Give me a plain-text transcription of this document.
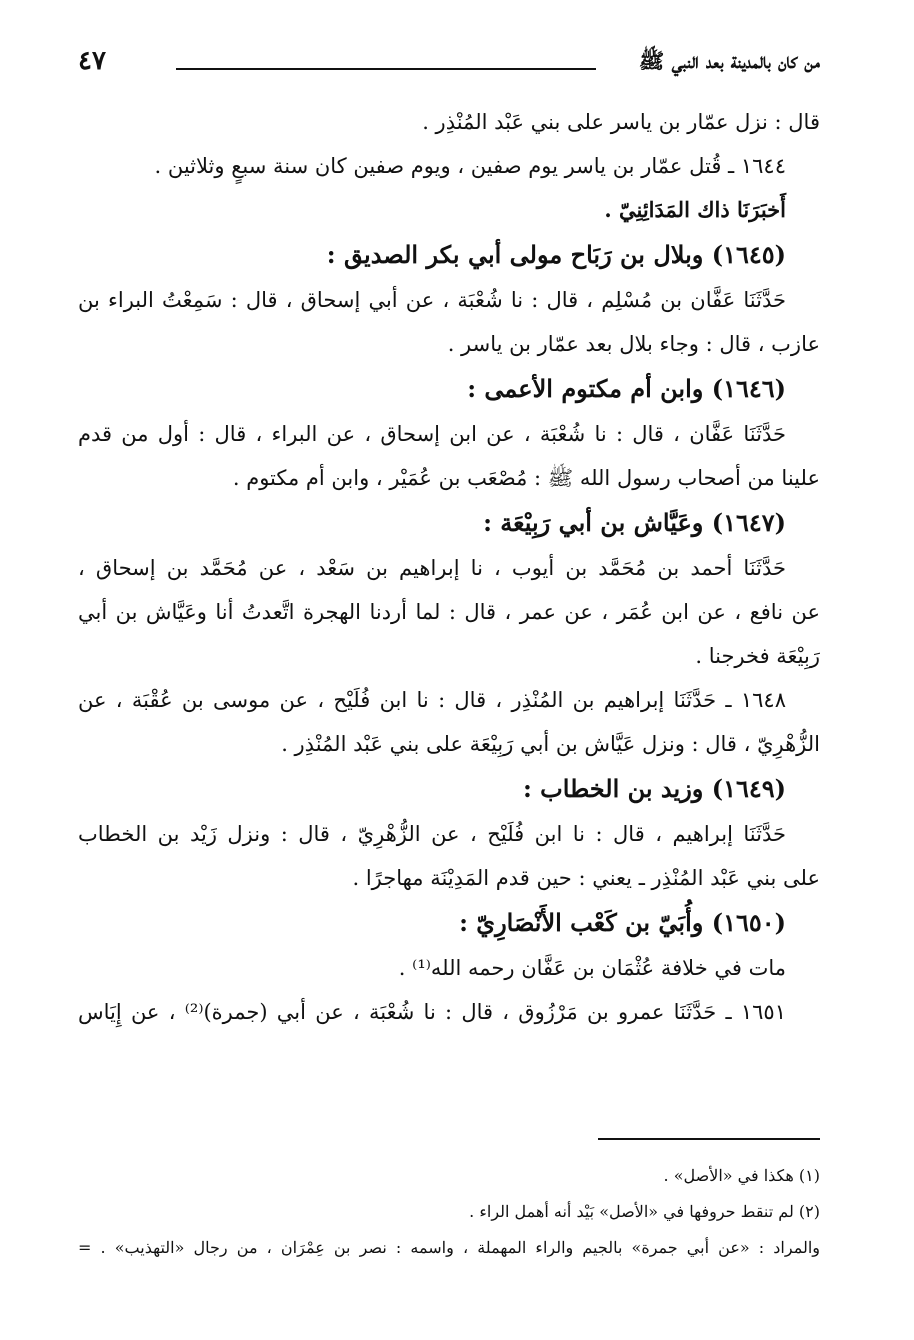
٤٧	من كان بالمدينة بعد النبي ﷺ
قال : نزل عمّار بن ياسر على بني عَبْد المُنْذِر .
١٦٤٤ ـ قُتل عمّار بن ياسر يوم صفين ، ويوم صفين كان سنة سبعٍ وثلاثين .
أَخبَرَنَا ذاك المَدَائِنِيّ .
(١٦٤٥) وبلال بن رَبَاح مولى أبي بكر الصديق :
حَدَّثَنَا عَفَّان بن مُسْلِم ، قال : نا شُعْبَة ، عن أبي إسحاق ، قال : سَمِعْتُ البراء بن
عازب ، قال : وجاء بلال بعد عمّار بن ياسر .
(١٦٤٦) وابن أم مكتوم الأعمى :
حَدَّثَنَا عَفَّان ، قال : نا شُعْبَة ، عن ابن إسحاق ، عن البراء ، قال : أول من قدم
علينا من أصحاب رسول الله ﷺ : مُصْعَب بن عُمَيْر ، وابن أم مكتوم .
(١٦٤٧) وعَيَّاش بن أبي رَبِيْعَة :
حَدَّثَنَا أحمد بن مُحَمَّد بن أيوب ، نا إبراهيم بن سَعْد ، عن مُحَمَّد بن إسحاق ،
عن نافع ، عن ابن عُمَر ، عن عمر ، قال : لما أردنا الهجرة اتَّعدتُ أنا وعَيَّاش بن أبي
رَبِيْعَة فخرجنا .
١٦٤٨ ـ حَدَّثَنَا إبراهيم بن المُنْذِر ، قال : نا ابن فُلَيْح ، عن موسى بن عُقْبَة ، عن
الزُّهْرِيّ ، قال : ونزل عَيَّاش بن أبي رَبِيْعَة على بني عَبْد المُنْذِر .
(١٦٤٩) وزيد بن الخطاب :
حَدَّثَنَا إبراهيم ، قال : نا ابن فُلَيْح ، عن الزُّهْرِيّ ، قال : ونزل زَيْد بن الخطاب
على بني عَبْد المُنْذِر ـ يعني : حين قدم المَدِيْنَة مهاجرًا .
(١٦٥٠) وأُبَيّ بن كَعْب الأَنْصَارِيّ :
مات في خلافة عُثْمَان بن عَفَّان رحمه الله⁽¹⁾ .
١٦٥١ ـ حَدَّثَنَا عمرو بن مَرْزُوق ، قال : نا شُعْبَة ، عن أبي (جمرة)⁽²⁾ ، عن إِيَاس
(١) هكذا في «الأصل» .
(٢) لم تنقط حروفها في «الأصل» بَيْد أنه أهمل الراء .
والمراد : «عن أبي جمرة» بالجيم والراء المهملة ، واسمه : نصر بن عِمْرَان ، من رجال «التهذيب» . =
